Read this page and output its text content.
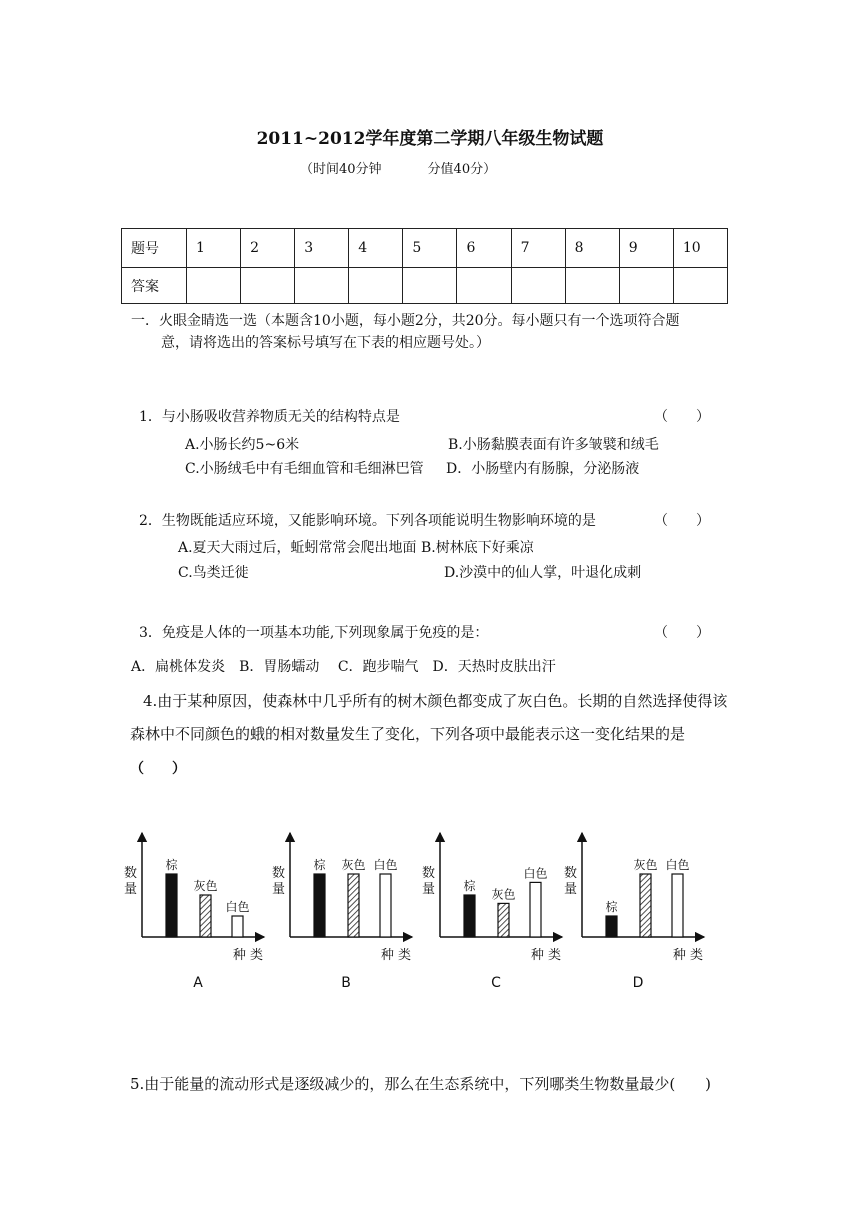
2011~2012学年度第二学期八年级生物试题
（时间40分钟	分值40分）
题号	1	2	3	4	5	6	7	8	9	10
答案										
一．火眼金睛选一选（本题含10小题，每小题2分，共20分。每小题只有一个选项符合题
意，请将选出的答案标号填写在下表的相应题号处。）
1．与小肠吸收营养物质无关的结构特点是	（　　）
A.小肠长约5~6米	B.小肠黏膜表面有许多皱襞和绒毛
C.小肠绒毛中有毛细血管和毛细淋巴管 D．小肠壁内有肠腺，分泌肠液
2．生物既能适应环境，又能影响环境。下列各项能说明生物影响环境的是	（　　）
A.夏天大雨过后，蚯蚓常常会爬出地面 B.树林底下好乘凉
C.鸟类迁徙	D.沙漠中的仙人掌，叶退化成刺
3．免疫是人体的一项基本功能,下列现象属于免疫的是：	（　　）
A．扁桃体发炎　B．胃肠蠕动　 C．跑步喘气　D．天热时皮肤出汗
4.由于某种原因，使森林中几乎所有的树木颜色都变成了灰白色。长期的自然选择使得该
森林中不同颜色的蛾的相对数量发生了变化，下列各项中最能表示这一变化结果的是
（　　）
数
量
棕
灰色
白色
种 类
A
数
量
棕 灰色 白色
种 类
B
数
量 棕
灰色
白色
种 类
C
数
量
棕
灰色 白色
种 类
D
5.由于能量的流动形式是逐级减少的，那么在生态系统中，下列哪类生物数量最少(　　)
